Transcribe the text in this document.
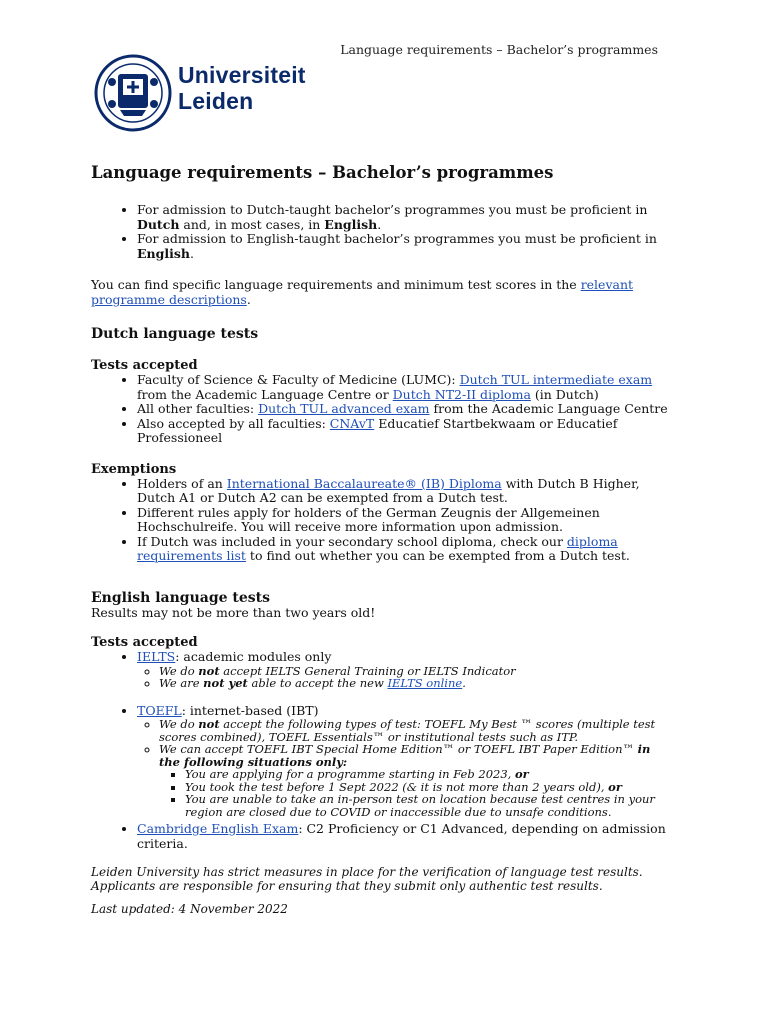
Language requirements – Bachelor’s programmes
Universiteit
Leiden
Language requirements – Bachelor’s programmes
• For admission to Dutch-taught bachelor’s programmes you must be proficient in Dutch and, in most cases, in English.
• For admission to English-taught bachelor’s programmes you must be proficient in English.

You can find specific language requirements and minimum test scores in the relevant programme descriptions.

Dutch language tests
Tests accepted
• Faculty of Science & Faculty of Medicine (LUMC): Dutch TUL intermediate exam from the Academic Language Centre or Dutch NT2-II diploma (in Dutch)
• All other faculties: Dutch TUL advanced exam from the Academic Language Centre
• Also accepted by all faculties: CNAvT Educatief Startbekwaam or Educatief Professioneel
Exemptions
• Holders of an International Baccalaureate® (IB) Diploma with Dutch B Higher, Dutch A1 or Dutch A2 can be exempted from a Dutch test.
• Different rules apply for holders of the German Zeugnis der Allgemeinen Hochschulreife. You will receive more information upon admission.
• If Dutch was included in your secondary school diploma, check our diploma requirements list to find out whether you can be exempted from a Dutch test.
English language tests

Results may not be more than two years old!

Tests accepted
• IELTS: academic modules only
◦ We do not accept IELTS General Training or IELTS Indicator
◦ We are not yet able to accept the new IELTS online.
• TOEFL: internet-based (IBT)
◦ We do not accept the following types of test: TOEFL My Best ™ scores (multiple test scores combined), TOEFL Essentials™ or institutional tests such as ITP.
◦ We can accept TOEFL IBT Special Home Edition™ or TOEFL IBT Paper Edition™ in the following situations only:
▪ You are applying for a programme starting in Feb 2023, or
▪ You took the test before 1 Sept 2022 (& it is not more than 2 years old), or
▪ You are unable to take an in-person test on location because test centres in your region are closed due to COVID or inaccessible due to unsafe conditions.
• Cambridge English Exam: C2 Proficiency or C1 Advanced, depending on admission criteria.

Leiden University has strict measures in place for the verification of language test results. Applicants are responsible for ensuring that they submit only authentic test results.

Last updated: 4 November 2022
